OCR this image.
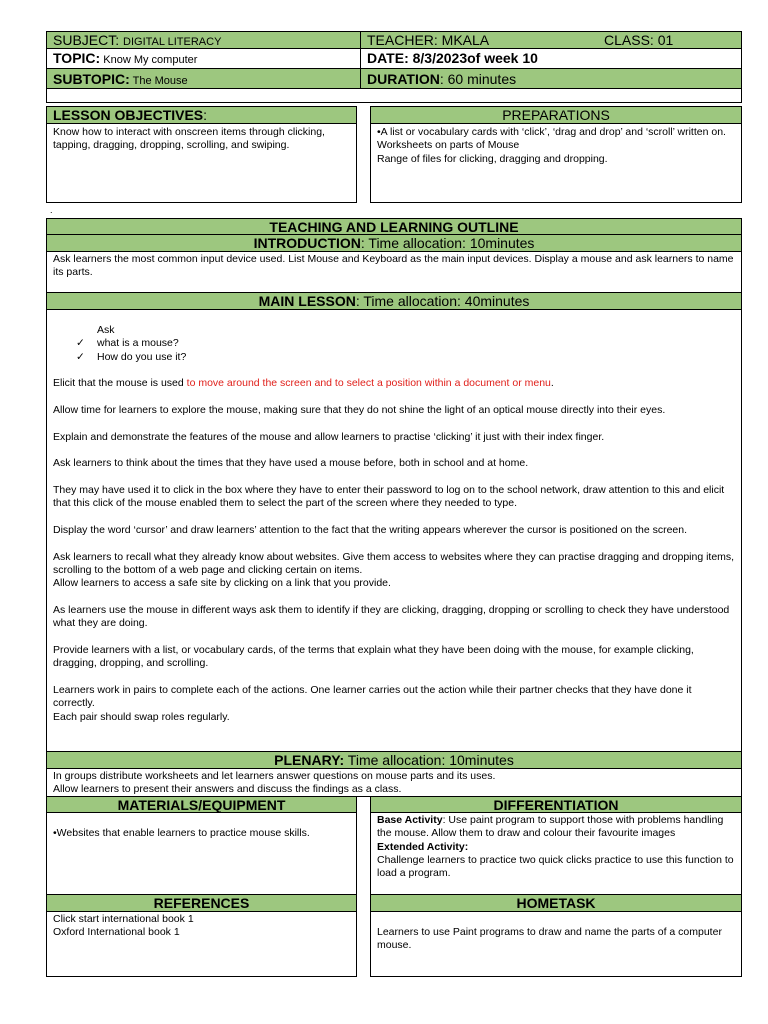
SUBJECT: DIGITAL LITERACY	TEACHER: MKALA	CLASS: 01
TOPIC: Know My computer	DATE: 8/3/2023of week 10
SUBTOPIC: The Mouse	DURATION: 60 minutes
LESSON OBJECTIVES:

Know how to interact with onscreen items through clicking, tapping, dragging, dropping, scrolling, and swiping.

PREPARATIONS

•A list or vocabulary cards with ‘click’, ‘drag and drop’ and ‘scroll’ written on.

Worksheets on parts of Mouse

Range of files for clicking, dragging and dropping.

.
TEACHING AND LEARNING OUTLINE
INTRODUCTION: Time allocation: 10minutes

Ask learners the most common input device used. List Mouse and Keyboard as the main input devices. Display a mouse and ask learners to name its parts.

MAIN LESSON: Time allocation: 40minutes
Ask
✓ what is a mouse?
✓ How do you use it?

Elicit that the mouse is used to move around the screen and to select a position within a document or menu.

Allow time for learners to explore the mouse, making sure that they do not shine the light of an optical mouse directly into their eyes.

Explain and demonstrate the features of the mouse and allow learners to practise ‘clicking’ it just with their index finger.

Ask learners to think about the times that they have used a mouse before, both in school and at home.

They may have used it to click in the box where they have to enter their password to log on to the school network, draw attention to this and elicit that this click of the mouse enabled them to select the part of the screen where they needed to type.

Display the word ‘cursor’ and draw learners’ attention to the fact that the writing appears wherever the cursor is positioned on the screen.

Ask learners to recall what they already know about websites. Give them access to websites where they can practise dragging and dropping items, scrolling to the bottom of a web page and clicking certain on items.

Allow learners to access a safe site by clicking on a link that you provide.

As learners use the mouse in different ways ask them to identify if they are clicking, dragging, dropping or scrolling to check they have understood what they are doing.

Provide learners with a list, or vocabulary cards, of the terms that explain what they have been doing with the mouse, for example clicking, dragging, dropping, and scrolling.

Learners work in pairs to complete each of the actions. One learner carries out the action while their partner checks that they have done it correctly.

Each pair should swap roles regularly.

PLENARY: Time allocation: 10minutes

In groups distribute worksheets and let learners answer questions on mouse parts and its uses.

Allow learners to present their answers and discuss the findings as a class.

MATERIALS/EQUIPMENT

•Websites that enable learners to practice mouse skills.

DIFFERENTIATION

Base Activity: Use paint program to support those with problems handling the mouse. Allow them to draw and colour their favourite images

Extended Activity:

Challenge learners to practice two quick clicks practice to use this function to load a program.

REFERENCES

Click start international book 1

Oxford International book 1

HOMETASK

Learners to use Paint programs to draw and name the parts of a computer mouse.
